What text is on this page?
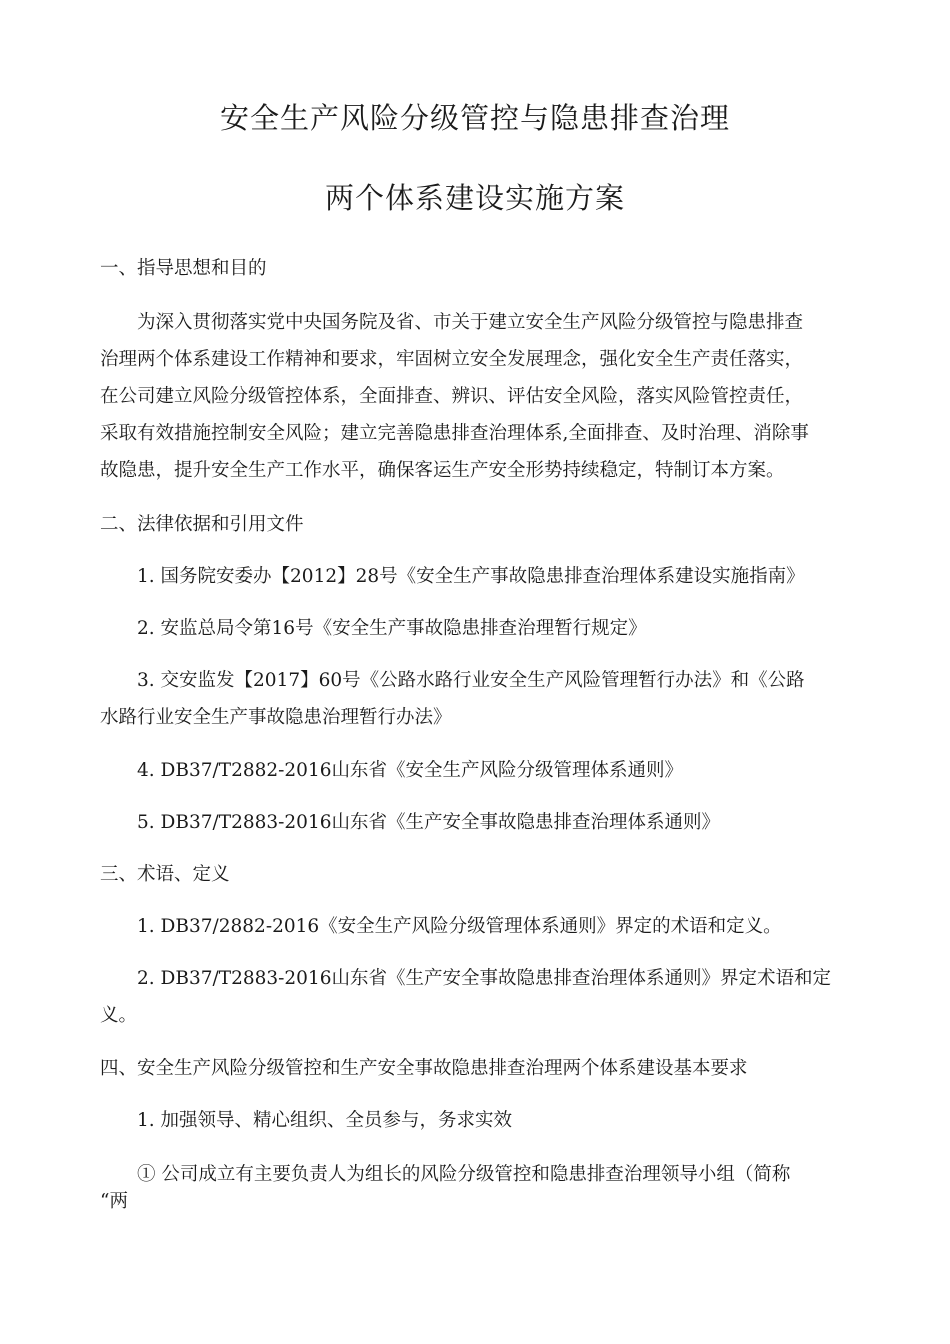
安全生产风险分级管控与隐患排查治理
两个体系建设实施方案
一、指导思想和目的
为深入贯彻落实党中央国务院及省、市关于建立安全生产风险分级管控与隐患排查
治理两个体系建设工作精神和要求，牢固树立安全发展理念，强化安全生产责任落实，
在公司建立风险分级管控体系，全面排查、辨识、评估安全风险，落实风险管控责任，
采取有效措施控制安全风险；建立完善隐患排查治理体系,全面排查、及时治理、消除事
故隐患，提升安全生产工作水平，确保客运生产安全形势持续稳定，特制订本方案。
二、法律依据和引用文件
1. 国务院安委办【2012】28号《安全生产事故隐患排查治理体系建设实施指南》
2. 安监总局令第16号《安全生产事故隐患排查治理暂行规定》
3. 交安监发【2017】60号《公路水路行业安全生产风险管理暂行办法》和《公路
水路行业安全生产事故隐患治理暂行办法》
4. DB37/T2882-2016山东省《安全生产风险分级管理体系通则》
5. DB37/T2883-2016山东省《生产安全事故隐患排查治理体系通则》
三、术语、定义
1. DB37/2882-2016《安全生产风险分级管理体系通则》界定的术语和定义。
2. DB37/T2883-2016山东省《生产安全事故隐患排查治理体系通则》界定术语和定
义。
四、安全生产风险分级管控和生产安全事故隐患排查治理两个体系建设基本要求
1. 加强领导、精心组织、全员参与，务求实效
① 公司成立有主要负责人为组长的风险分级管控和隐患排查治理领导小组（简称
“两
